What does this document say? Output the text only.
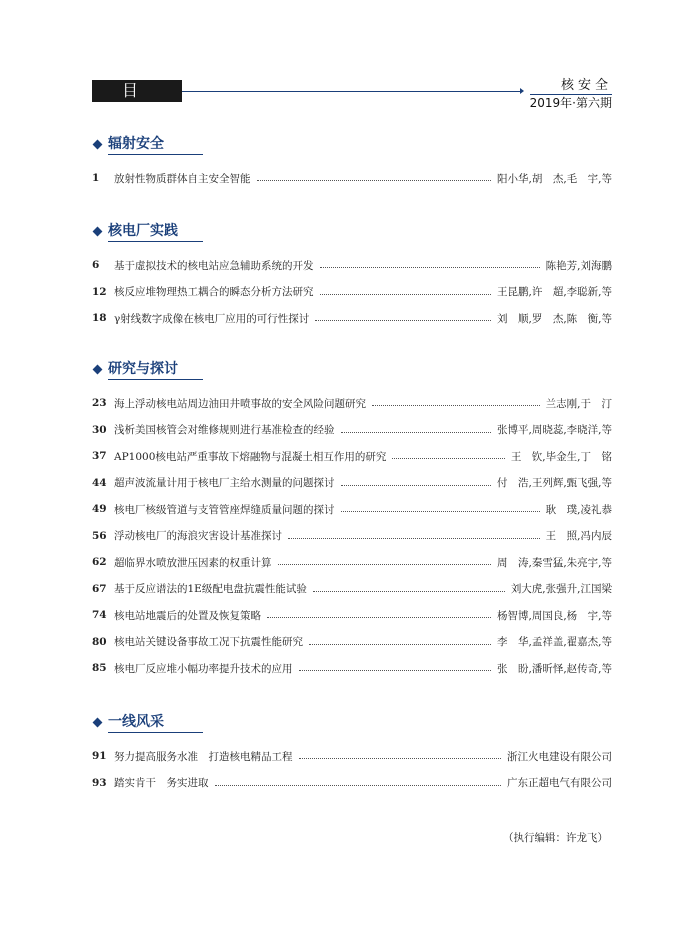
目 次
核安全
2019年·第六期
辐射安全
1	放射性物质群体自主安全智能	阳小华,胡　杰,毛　宇,等
核电厂实践
6	基于虚拟技术的核电站应急辅助系统的开发	陈艳芳,刘海鹏
12 核反应堆物理热工耦合的瞬态分析方法研究	王昆鹏,许　超,李聪新,等
18 γ射线数字成像在核电厂应用的可行性探讨	刘　顺,罗　杰,陈　衡,等
研究与探讨
23 海上浮动核电站周边油田井喷事故的安全风险问题研究	兰志刚,于　汀
30 浅析美国核管会对维修规则进行基准检查的经验	张博平,周晓蕊,李晓洋,等
37 AP1000核电站严重事故下熔融物与混凝土相互作用的研究	王　钦,毕金生,丁　铭
44 超声波流量计用于核电厂主给水测量的问题探讨	付　浩,王列辉,甄飞强,等
49 核电厂核级管道与支管管座焊缝质量问题的探讨	耿　璞,凌礼恭
56 浮动核电厂的海浪灾害设计基准探讨	王　照,冯内辰
62 超临界水喷放泄压因素的权重计算	周　涛,秦雪猛,朱亮宇,等
67 基于反应谱法的1E级配电盘抗震性能试验	刘大虎,张强升,江国梁
74 核电站地震后的处置及恢复策略	杨智博,周国良,杨　宇,等
80 核电站关键设备事故工况下抗震性能研究	李　华,孟祥盖,翟嘉杰,等
85 核电厂反应堆小幅功率提升技术的应用	张　盼,潘昕怿,赵传奇,等
一线风采
91 努力提高服务水准　打造核电精品工程	浙江火电建设有限公司
93 踏实肯干　务实进取	广东正超电气有限公司
（执行编辑：许龙飞）
